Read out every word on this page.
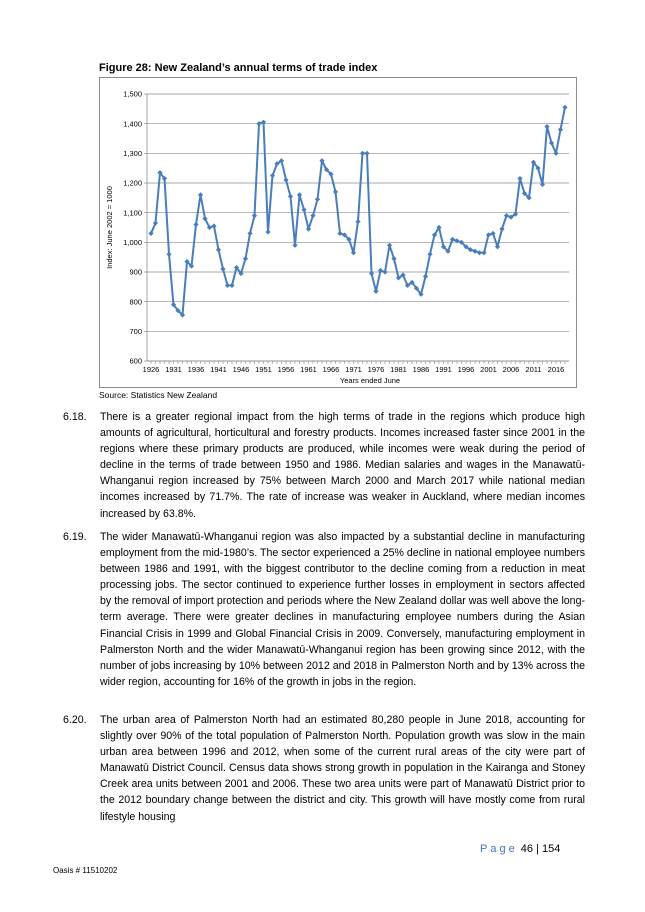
Figure 28: New Zealand’s annual terms of trade index
600
700
800
900
1,000
1,100
1,200
1,300
1,400
1,500
1926 1931 1936 1941 1946 1951 1956 1961 1966 1971 1976 1981 1986 1991 1996 2001 2006 2011 2016
Years ended June
Index: June 2002 = 1000
Source: Statistics New Zealand
6.18.	There is a greater regional impact from the high terms of trade in the regions which produce high amounts of agricultural, horticultural and forestry products. Incomes increased faster since 2001 in the regions where these primary products are produced, while incomes were weak during the period of decline in the terms of trade between 1950 and 1986. Median salaries and wages in the Manawatū-Whanganui region increased by 75% between March 2000 and March 2017 while national median incomes increased by 71.7%. The rate of increase was weaker in Auckland, where median incomes increased by 63.8%.
6.19.	The wider Manawatū-Whanganui region was also impacted by a substantial decline in manufacturing employment from the mid-1980’s. The sector experienced a 25% decline in national employee numbers between 1986 and 1991, with the biggest contributor to the decline coming from a reduction in meat processing jobs. The sector continued to experience further losses in employment in sectors affected by the removal of import protection and periods where the New Zealand dollar was well above the long-term average. There were greater declines in manufacturing employee numbers during the Asian Financial Crisis in 1999 and Global Financial Crisis in 2009. Conversely, manufacturing employment in Palmerston North and the wider Manawatū-Whanganui region has been growing since 2012, with the number of jobs increasing by 10% between 2012 and 2018 in Palmerston North and by 13% across the wider region, accounting for 16% of the growth in jobs in the region.
6.20.	The urban area of Palmerston North had an estimated 80,280 people in June 2018, accounting for slightly over 90% of the total population of Palmerston North. Population growth was slow in the main urban area between 1996 and 2012, when some of the current rural areas of the city were part of Manawatū District Council. Census data shows strong growth in population in the Kairanga and Stoney Creek area units between 2001 and 2006. These two area units were part of Manawatū District prior to the 2012 boundary change between the district and city. This growth will have mostly come from rural lifestyle housing
Page 46 | 154
Oasis # 11510202
